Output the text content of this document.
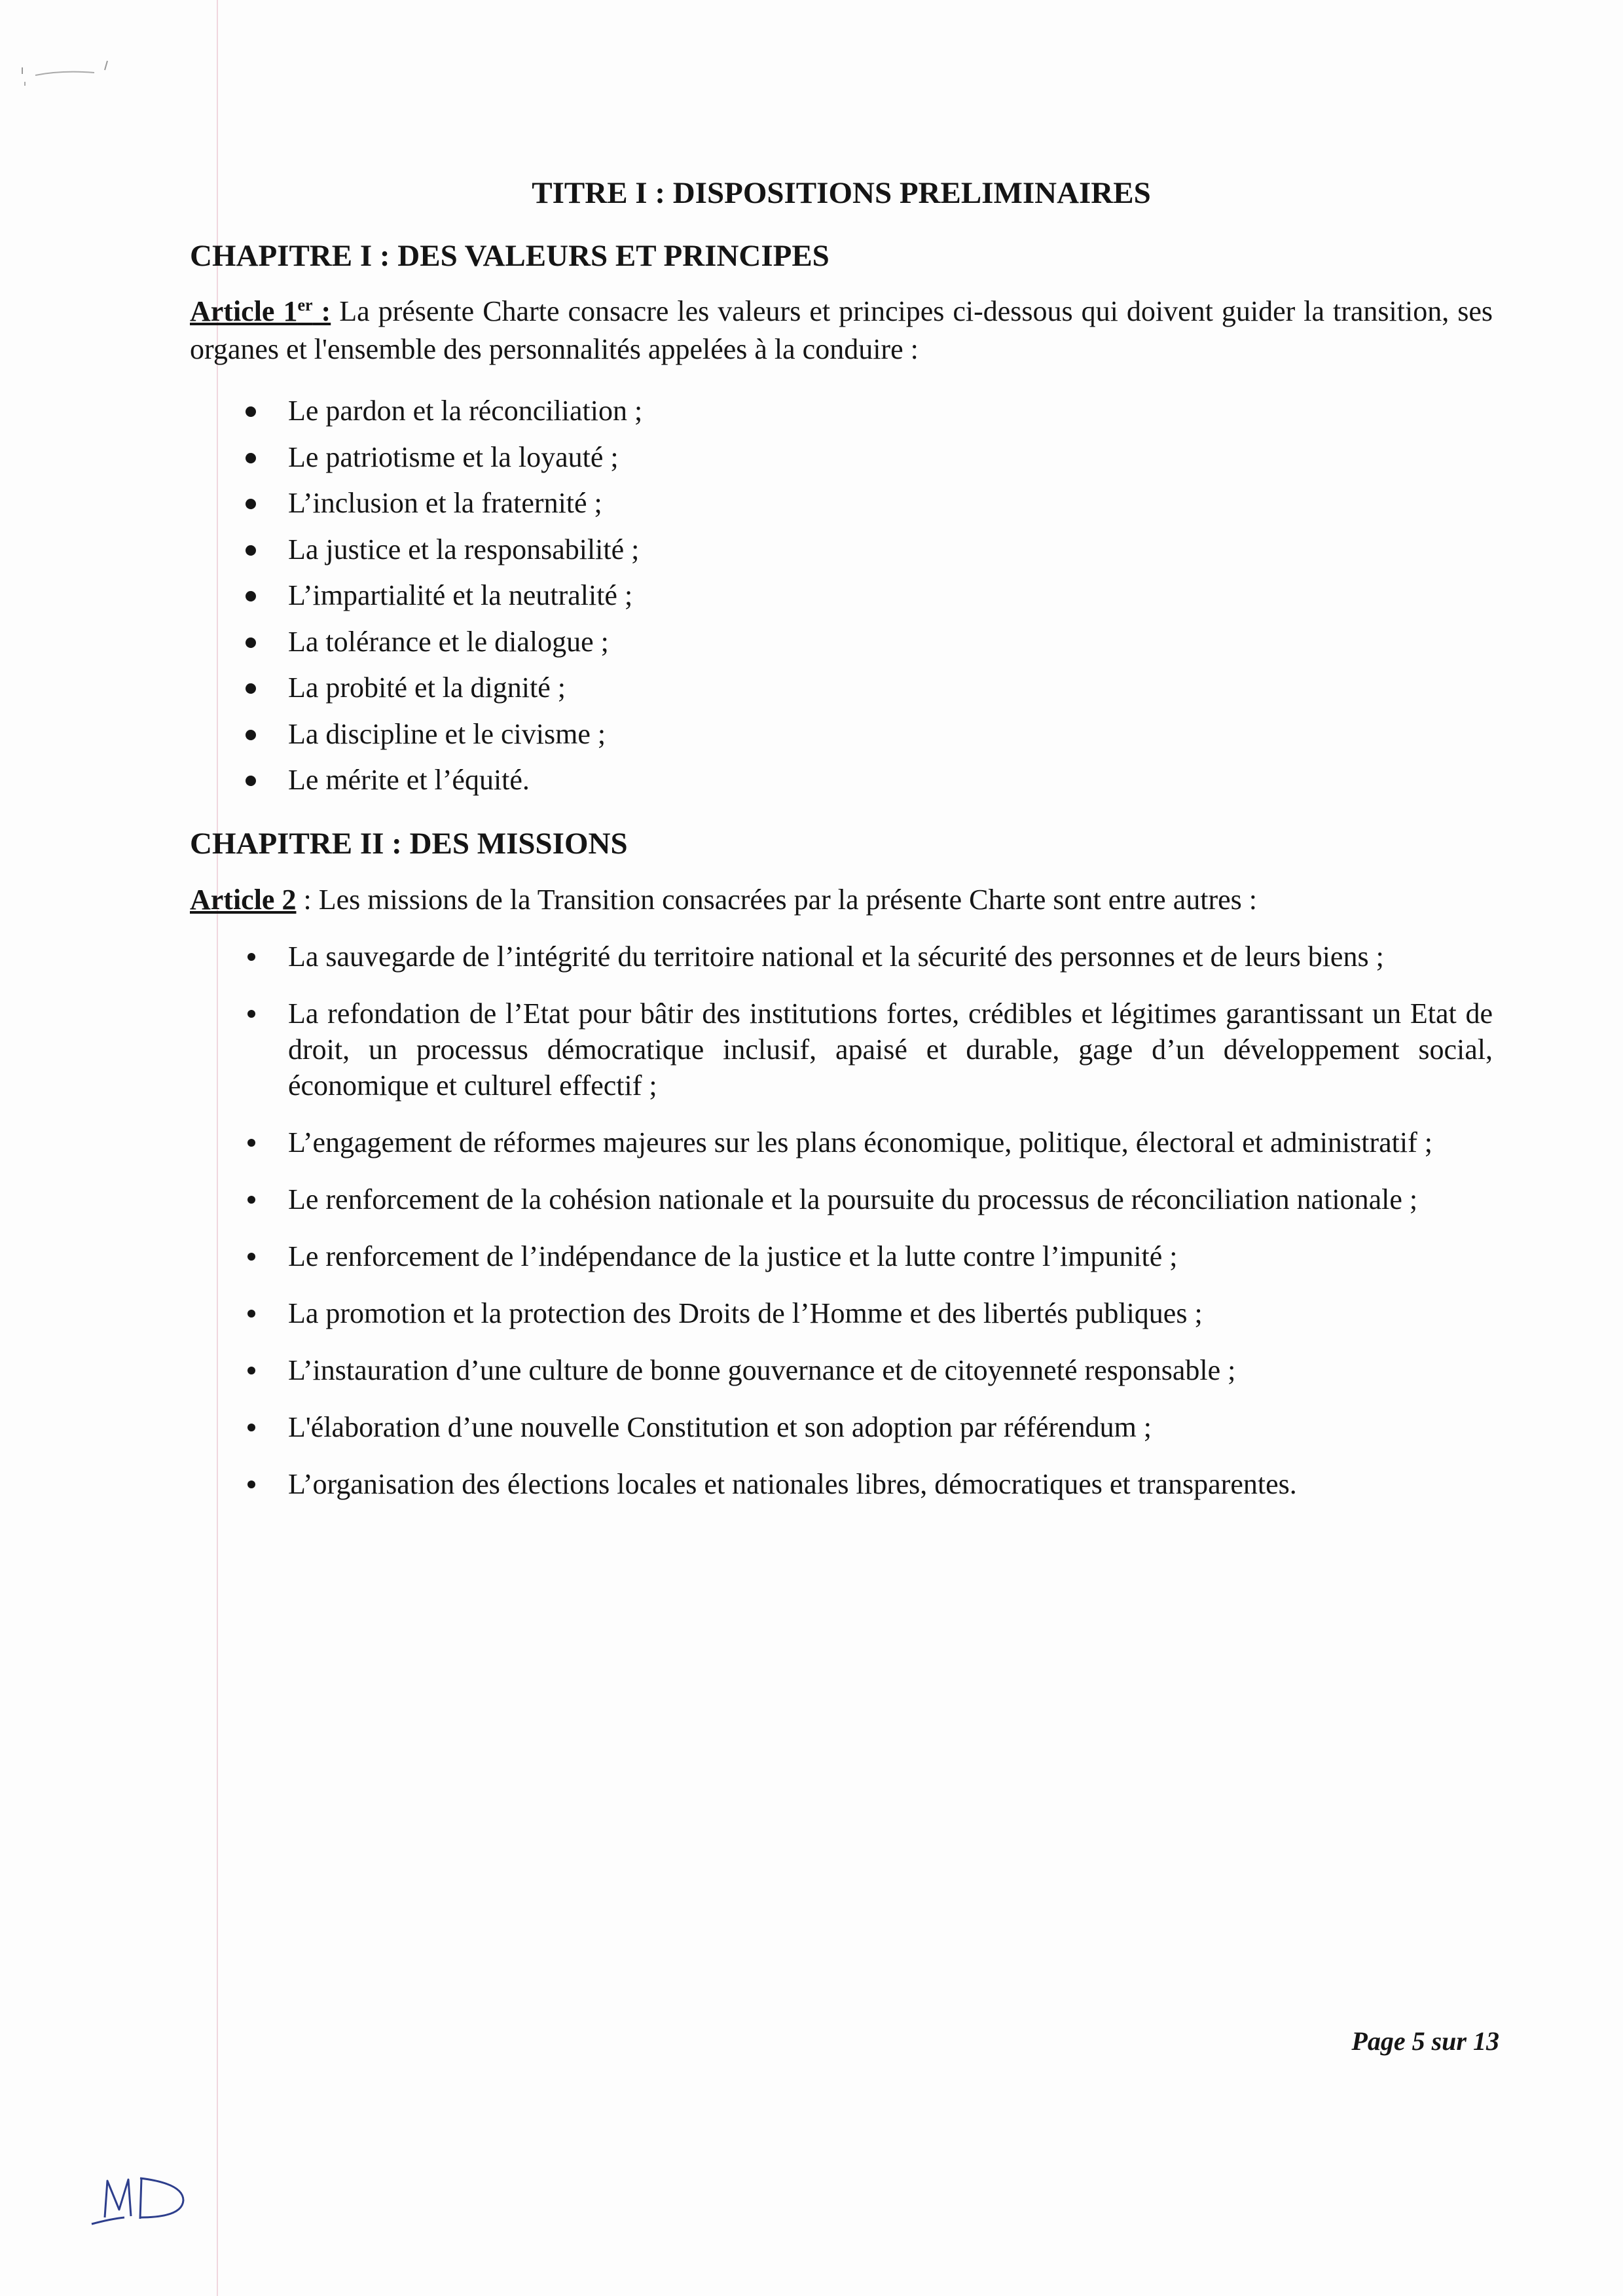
TITRE I : DISPOSITIONS PRELIMINAIRES
CHAPITRE I : DES VALEURS ET PRINCIPES

Article 1er : La présente Charte consacre les valeurs et principes ci-dessous qui doivent guider la transition, ses organes et l'ensemble des personnalités appelées à la conduire :

Le pardon et la réconciliation ;
Le patriotisme et la loyauté ;
L’inclusion et la fraternité ;
La justice et la responsabilité ;
L’impartialité et la neutralité ;
La tolérance et le dialogue ;
La probité et la dignité ;
La discipline et le civisme ;
Le mérite et l’équité.
CHAPITRE II : DES MISSIONS

Article 2 : Les missions de la Transition consacrées par la présente Charte sont entre autres :

La sauvegarde de l’intégrité du territoire national et la sécurité des personnes et de leurs biens ;
La refondation de l’Etat pour bâtir des institutions fortes, crédibles et légitimes garantissant un Etat de droit, un processus démocratique inclusif, apaisé et durable, gage d’un développement social, économique et culturel effectif ;
L’engagement de réformes majeures sur les plans économique, politique, électoral et administratif ;
Le renforcement de la cohésion nationale et la poursuite du processus de réconciliation nationale ;
Le renforcement de l’indépendance de la justice et la lutte contre l’impunité ;
La promotion et la protection des Droits de l’Homme et des libertés publiques ;
L’instauration d’une culture de bonne gouvernance et de citoyenneté responsable ;
L'élaboration d’une nouvelle Constitution et son adoption par référendum ;
L’organisation des élections locales et nationales libres, démocratiques et transparentes.
Page 5 sur 13
